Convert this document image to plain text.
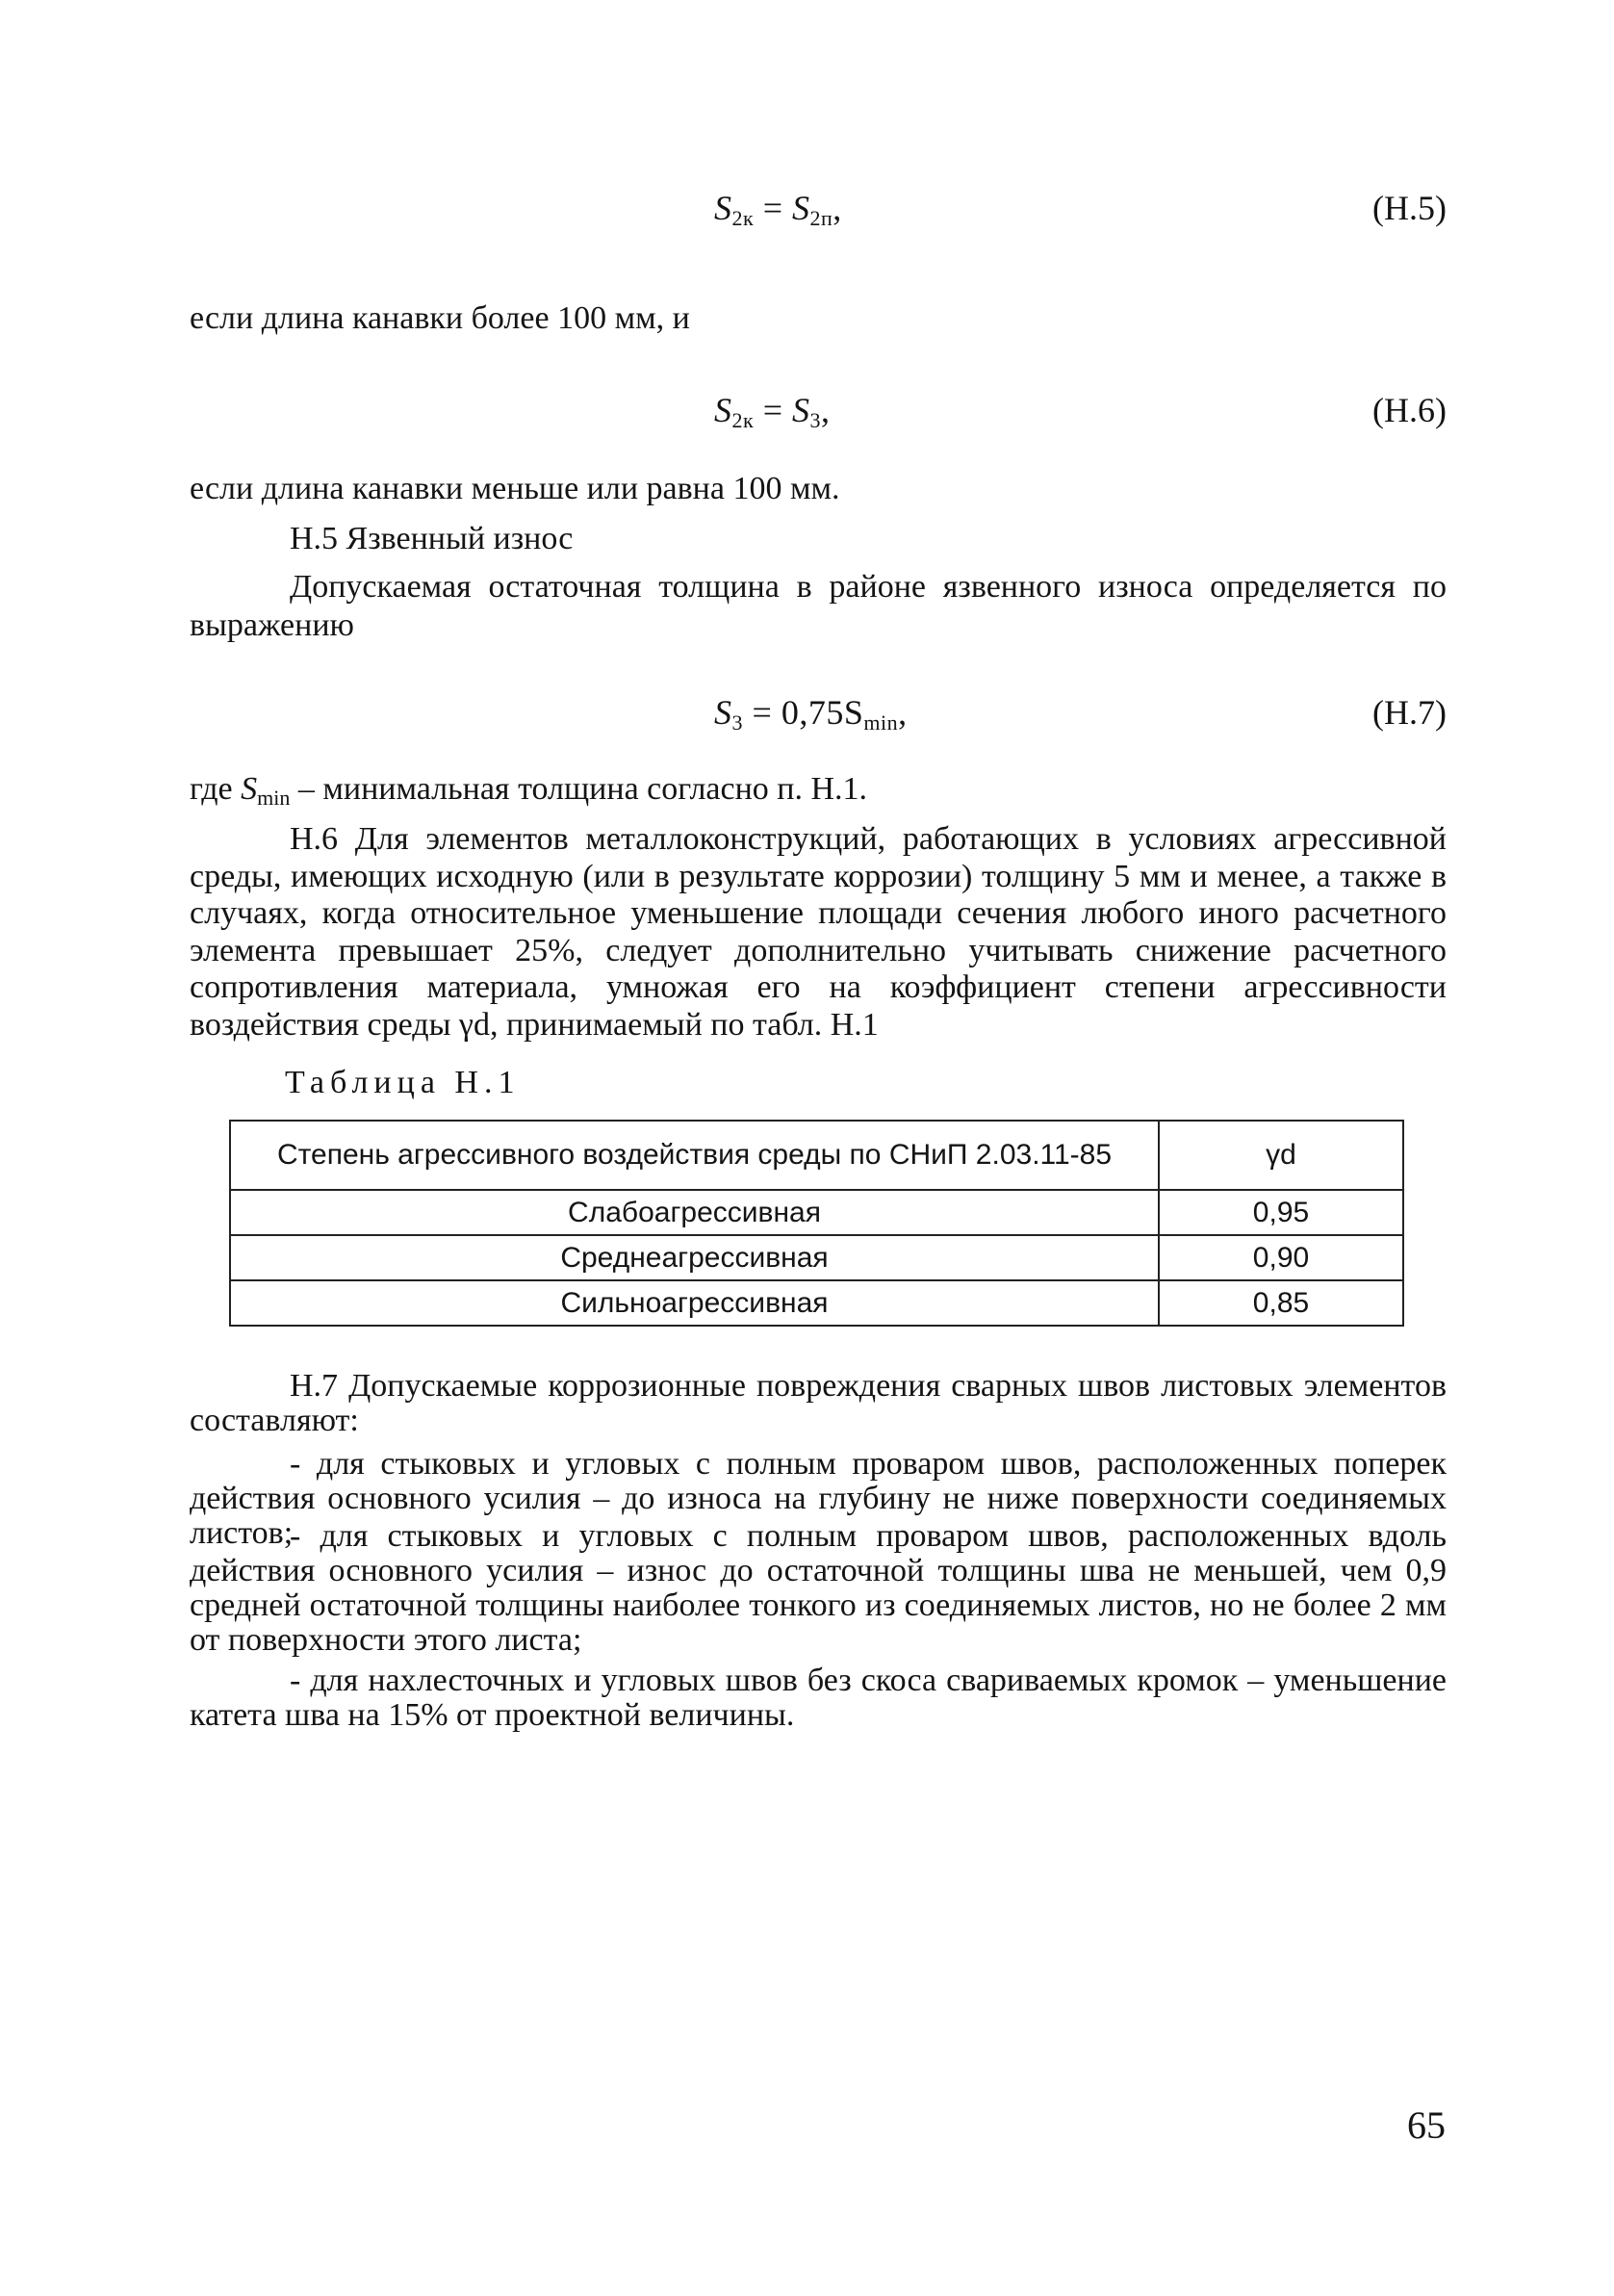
$S_{2к} = S_{2п}$,	(Н.5)
если длина канавки более 100 мм, и
$S_{2к} = S_3$,	(Н.6)
если длина канавки меньше или равна 100 мм.
Н.5 Язвенный износ
Допускаемая остаточная толщина в районе язвенного износа определяется по выражению
$S_3 = 0,75S_{min}$,	(Н.7)
где $S_{min}$ – минимальная толщина согласно п. Н.1.
Н.6 Для элементов металлоконструкций, работающих в условиях агрессивной среды, имеющих исходную (или в результате коррозии) толщину 5 мм и менее, а также в случаях, когда относительное уменьшение площади сечения любого иного расчетного элемента превышает 25%, следует дополнительно учитывать снижение расчетного сопротивления материала, умножая его на коэффициент степени агрессивности воздействия среды γd, принимаемый по табл. Н.1
Таблица Н.1
Степень агрессивного воздействия среды по СНиП 2.03.11-85	γd
Слабоагрессивная	0,95
Среднеагрессивная	0,90
Сильноагрессивная	0,85
Н.7 Допускаемые коррозионные повреждения сварных швов листовых элементов составляют:
- для стыковых и угловых с полным проваром швов, расположенных поперек действия основного усилия – до износа на глубину не ниже поверхности соединяемых листов;
- для стыковых и угловых с полным проваром швов, расположенных вдоль действия основного усилия – износ до остаточной толщины шва не меньшей, чем 0,9 средней остаточной толщины наиболее тонкого из соединяемых листов, но не более 2 мм от поверхности этого листа;
- для нахлесточных и угловых швов без скоса свариваемых кромок – уменьшение катета шва на 15% от проектной величины.
65
